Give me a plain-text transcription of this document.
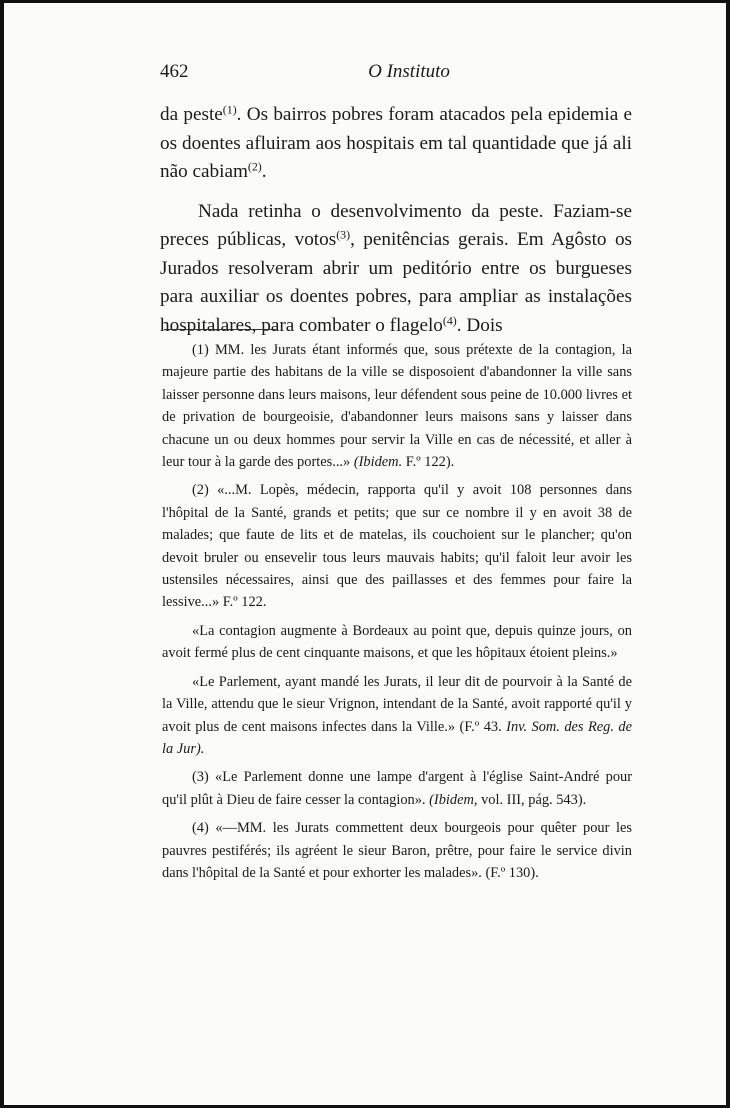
462	O Instituto

da peste$^{(1)}$. Os bairros pobres foram atacados pela epidemia e os doentes afluiram aos hospitais em tal quantidade que já ali não cabiam$^{(2)}$.

Nada retinha o desenvolvimento da peste. Faziam-se preces públicas, votos$^{(3)}$, penitências gerais. Em Agôsto os Jurados resolveram abrir um peditório entre os burgueses para auxiliar os doentes pobres, para ampliar as instalações hospitalares, para combater o flagelo$^{(4)}$. Dois

(1) MM. les Jurats étant informés que, sous prétexte de la contagion, la majeure partie des habitans de la ville se disposoient d'abandonner la ville sans laisser personne dans leurs maisons, leur défendent sous peine de 10.000 livres et de privation de bourgeoisie, d'abandonner leurs maisons sans y laisser dans chacune un ou deux hommes pour servir la Ville en cas de nécessité, et aller à leur tour à la garde des portes...» (Ibidem. F.º 122).

(2) «...M. Lopès, médecin, rapporta qu'il y avoit 108 personnes dans l'hôpital de la Santé, grands et petits; que sur ce nombre il y en avoit 38 de malades; que faute de lits et de matelas, ils couchoient sur le plancher; qu'on devoit bruler ou ensevelir tous leurs mauvais habits; qu'il faloit leur avoir les ustensiles nécessaires, ainsi que des paillasses et des femmes pour faire la lessive...» F.º 122.

«La contagion augmente à Bordeaux au point que, depuis quinze jours, on avoit fermé plus de cent cinquante maisons, et que les hôpitaux étoient pleins.»

«Le Parlement, ayant mandé les Jurats, il leur dit de pourvoir à la Santé de la Ville, attendu que le sieur Vrignon, intendant de la Santé, avoit rapporté qu'il y avoit plus de cent maisons infectes dans la Ville.» (F.º 43. Inv. Som. des Reg. de la Jur).

(3) «Le Parlement donne une lampe d'argent à l'église Saint-André pour qu'il plût à Dieu de faire cesser la contagion». (Ibidem, vol. III, pág. 543).

(4) «—MM. les Jurats commettent deux bourgeois pour quêter pour les pauvres pestiférés; ils agréent le sieur Baron, prêtre, pour faire le service divin dans l'hôpital de la Santé et pour exhorter les malades». (F.º 130).
